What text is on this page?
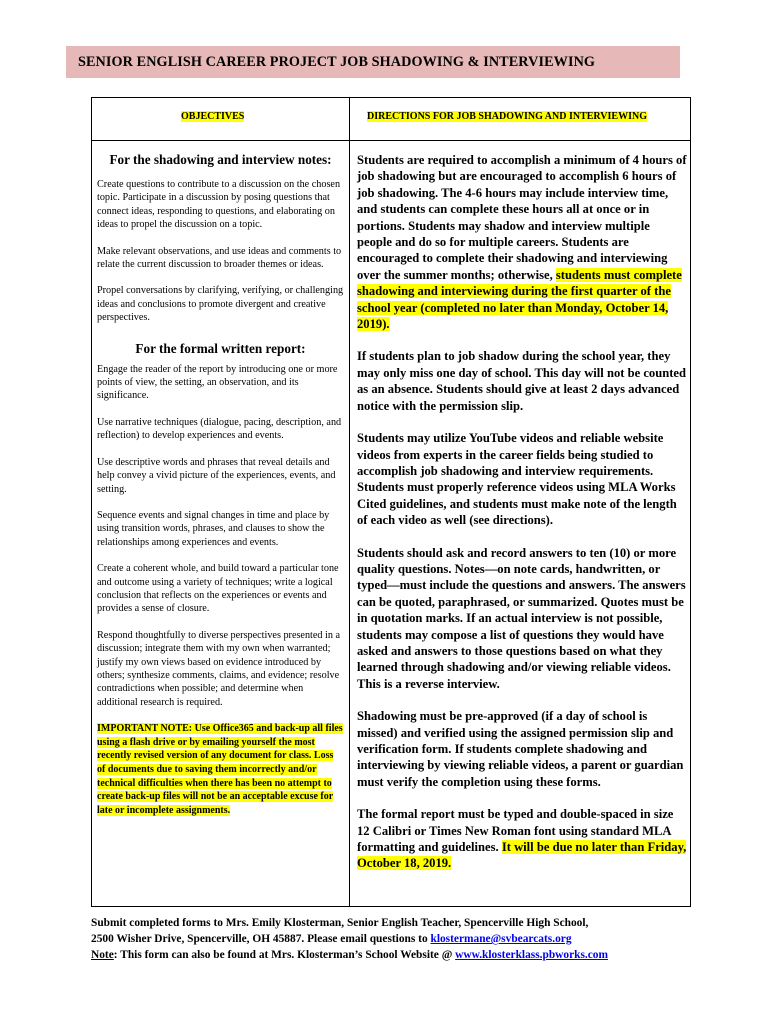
SENIOR ENGLISH CAREER PROJECT JOB SHADOWING & INTERVIEWING
OBJECTIVES	DIRECTIONS FOR JOB SHADOWING AND INTERVIEWING
For the shadowing and interview notes:

Create questions to contribute to a discussion on the chosen topic. Participate in a discussion by posing questions that connect ideas, responding to questions, and elaborating on ideas to propel the discussion on a topic.

Make relevant observations, and use ideas and comments to relate the current discussion to broader themes or ideas.

Propel conversations by clarifying, verifying, or challenging ideas and conclusions to promote divergent and creative perspectives.

For the formal written report:

Engage the reader of the report by introducing one or more points of view, the setting, an observation, and its significance.

Use narrative techniques (dialogue, pacing, description, and reflection) to develop experiences and events.

Use descriptive words and phrases that reveal details and help convey a vivid picture of the experiences, events, and setting.

Sequence events and signal changes in time and place by using transition words, phrases, and clauses to show the relationships among experiences and events.

Create a coherent whole, and build toward a particular tone and outcome using a variety of techniques; write a logical conclusion that reflects on the experiences or events and provides a sense of closure.

Respond thoughtfully to diverse perspectives presented in a discussion; integrate them with my own when warranted; justify my own views based on evidence introduced by others; synthesize comments, claims, and evidence; resolve contradictions when possible; and determine when additional research is required.

IMPORTANT NOTE: Use Office365 and back-up all files using a flash drive or by emailing yourself the most recently revised version of any document for class. Loss of documents due to saving them incorrectly and/or technical difficulties when there has been no attempt to create back-up files will not be an acceptable excuse for late or incomplete assignments.

Students are required to accomplish a minimum of 4 hours of job shadowing but are encouraged to accomplish 6 hours of job shadowing. The 4-6 hours may include interview time, and students can complete these hours all at once or in portions. Students may shadow and interview multiple people and do so for multiple careers. Students are encouraged to complete their shadowing and interviewing over the summer months; otherwise, students must complete shadowing and interviewing during the first quarter of the school year (completed no later than Monday, October 14, 2019).

If students plan to job shadow during the school year, they may only miss one day of school. This day will not be counted as an absence. Students should give at least 2 days advanced notice with the permission slip.

Students may utilize YouTube videos and reliable website videos from experts in the career fields being studied to accomplish job shadowing and interview requirements. Students must properly reference videos using MLA Works Cited guidelines, and students must make note of the length of each video as well (see directions).

Students should ask and record answers to ten (10) or more quality questions. Notes—on note cards, handwritten, or typed—must include the questions and answers. The answers can be quoted, paraphrased, or summarized. Quotes must be in quotation marks. If an actual interview is not possible, students may compose a list of questions they would have asked and answers to those questions based on what they learned through shadowing and/or viewing reliable videos. This is a reverse interview.

Shadowing must be pre-approved (if a day of school is missed) and verified using the assigned permission slip and verification form. If students complete shadowing and interviewing by viewing reliable videos, a parent or guardian must verify the completion using these forms.

The formal report must be typed and double-spaced in size 12 Calibri or Times New Roman font using standard MLA formatting and guidelines. It will be due no later than Friday, October 18, 2019.

Submit completed forms to Mrs. Emily Klosterman, Senior English Teacher, Spencerville High School,

2500 Wisher Drive, Spencerville, OH 45887. Please email questions to klostermane@svbearcats.org

Note: This form can also be found at Mrs. Klosterman’s School Website @ www.klosterklass.pbworks.com
